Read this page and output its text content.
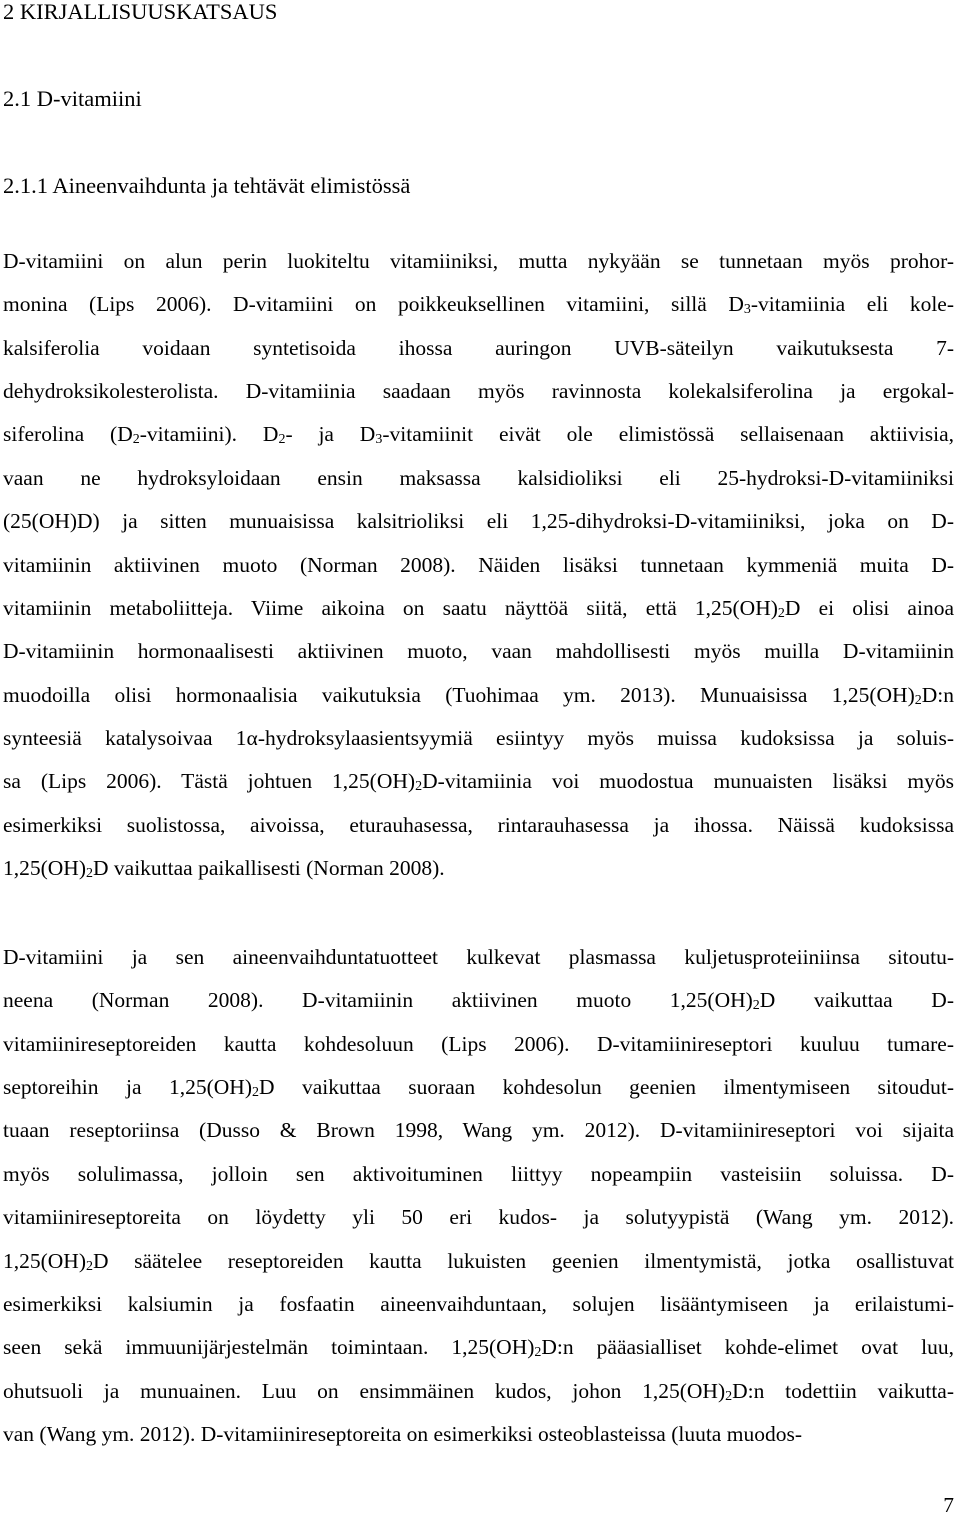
2 KIRJALLISUUSKATSAUS
2.1 D-vitamiini
2.1.1 Aineenvaihdunta ja tehtävät elimistössä
D-vitamiini on alun perin luokiteltu vitamiiniksi, mutta nykyään se tunnetaan myös prohor-
monina (Lips 2006). D-vitamiini on poikkeuksellinen vitamiini, sillä $D_3$-vitamiinia eli kole-
kalsiferolia voidaan syntetisoida ihossa auringon UVB-säteilyn vaikutuksesta 7-
dehydroksikolesterolista. D-vitamiinia saadaan myös ravinnosta kolekalsiferolina ja ergokal-
siferolina $(D_2-vitamiini)$. $D_2-$ ja $D_3$-vitamiinit eivät ole elimistössä sellaisenaan aktiivisia,
vaan ne hydroksyloidaan ensin maksassa kalsidioliksi eli 25-hydroksi-D-vitamiiniksi
(25(OH)D) ja sitten munuaisissa kalsitrioliksi eli 1,25-dihydroksi-D-vitamiiniksi, joka on D-
vitamiinin aktiivinen muoto (Norman 2008). Näiden lisäksi tunnetaan kymmeniä muita D-
vitamiinin metaboliitteja. Viime aikoina on saatu näyttöä siitä, että $1,25(OH)_2D$ ei olisi ainoa
D-vitamiinin hormonaalisesti aktiivinen muoto, vaan mahdollisesti myös muilla D-vitamiinin
muodoilla olisi hormonaalisia vaikutuksia (Tuohimaa ym. 2013). Munuaisissa $1,25(OH)_2D:n$
synteesiä katalysoivaa 1α-hydroksylaasientsyymiä esiintyy myös muissa kudoksissa ja soluis-
sa (Lips 2006). Tästä johtuen $1,25(OH)_2D$-vitamiinia voi muodostua munuaisten lisäksi myös
esimerkiksi suolistossa, aivoissa, eturauhasessa, rintarauhasessa ja ihossa. Näissä kudoksissa
$1,25(OH)_2D$ vaikuttaa paikallisesti (Norman 2008).
D-vitamiini ja sen aineenvaihduntatuotteet kulkevat plasmassa kuljetusproteiiniinsa sitoutu-
neena (Norman 2008). D-vitamiinin aktiivinen muoto $1,25(OH)_2D$ vaikuttaa D-
vitamiinireseptoreiden kautta kohdesoluun (Lips 2006). D-vitamiinireseptori kuuluu tumare-
septoreihin ja $1,25(OH)_2D$ vaikuttaa suoraan kohdesolun geenien ilmentymiseen sitoudut-
tuaan reseptoriinsa (Dusso & Brown 1998, Wang ym. 2012). D-vitamiinireseptori voi sijaita
myös solulimassa, jolloin sen aktivoituminen liittyy nopeampiin vasteisiin soluissa. D-
vitamiinireseptoreita on löydetty yli 50 eri kudos- ja solutyypistä (Wang ym. 2012).
$1,25(OH)_2D$ säätelee reseptoreiden kautta lukuisten geenien ilmentymistä, jotka osallistuvat
esimerkiksi kalsiumin ja fosfaatin aineenvaihduntaan, solujen lisääntymiseen ja erilaistumi-
seen sekä immuunijärjestelmän toimintaan. $1,25(OH)_2D:n$ pääasialliset kohde-elimet ovat luu,
ohutsuoli ja munuainen. Luu on ensimmäinen kudos, johon $1,25(OH)_2D:n$ todettiin vaikutta-
van (Wang ym. 2012). D-vitamiinireseptoreita on esimerkiksi osteoblasteissa (luuta muodos-
7
